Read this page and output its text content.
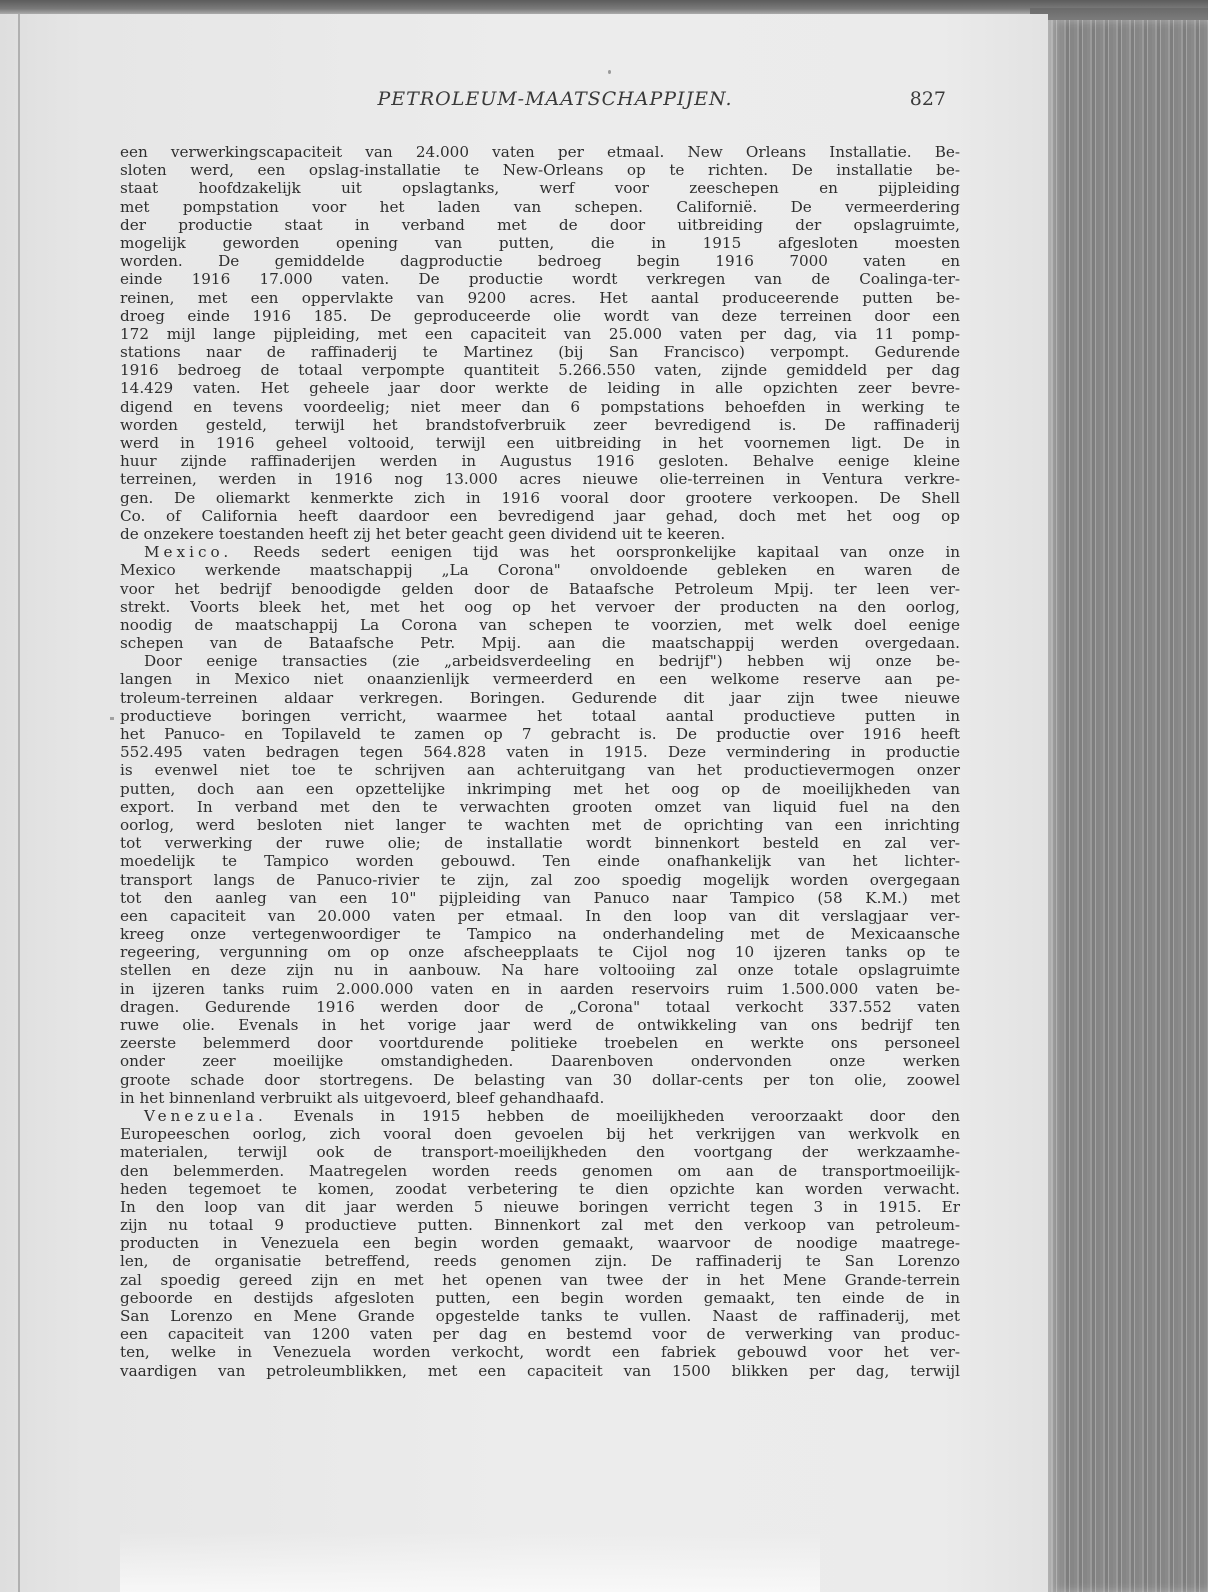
PETROLEUM-MAATSCHAPPIJEN.	827
een verwerkingscapaciteit van 24.000 vaten per etmaal. New Orleans Installatie. Be-
sloten werd, een opslag-installatie te New-Orleans op te richten. De installatie be-
staat hoofdzakelijk uit opslagtanks, werf voor zeeschepen en pijpleiding
met pompstation voor het laden van schepen. Californië. De vermeerdering
der productie staat in verband met de door uitbreiding der opslagruimte,
mogelijk geworden opening van putten, die in 1915 afgesloten moesten
worden. De gemiddelde dagproductie bedroeg begin 1916 7000 vaten en
einde 1916 17.000 vaten. De productie wordt verkregen van de Coalinga-ter-
reinen, met een oppervlakte van 9200 acres. Het aantal produceerende putten be-
droeg einde 1916 185. De geproduceerde olie wordt van deze terreinen door een
172 mijl lange pijpleiding, met een capaciteit van 25.000 vaten per dag, via 11 pomp-
stations naar de raffinaderij te Martinez (bij San Francisco) verpompt. Gedurende
1916 bedroeg de totaal verpompte quantiteit 5.266.550 vaten, zijnde gemiddeld per dag
14.429 vaten. Het geheele jaar door werkte de leiding in alle opzichten zeer bevre-
digend en tevens voordeelig; niet meer dan 6 pompstations behoefden in werking te
worden gesteld, terwijl het brandstofverbruik zeer bevredigend is. De raffinaderij
werd in 1916 geheel voltooid, terwijl een uitbreiding in het voornemen ligt. De in
huur zijnde raffinaderijen werden in Augustus 1916 gesloten. Behalve eenige kleine
terreinen, werden in 1916 nog 13.000 acres nieuwe olie-terreinen in Ventura verkre-
gen. De oliemarkt kenmerkte zich in 1916 vooral door grootere verkoopen. De Shell
Co. of California heeft daardoor een bevredigend jaar gehad, doch met het oog op
de onzekere toestanden heeft zij het beter geacht geen dividend uit te keeren.
Mexico. Reeds sedert eenigen tijd was het oorspronkelijke kapitaal van onze in
Mexico werkende maatschappij „La Corona" onvoldoende gebleken en waren de
voor het bedrijf benoodigde gelden door de Bataafsche Petroleum Mpij. ter leen ver-
strekt. Voorts bleek het, met het oog op het vervoer der producten na den oorlog,
noodig de maatschappij La Corona van schepen te voorzien, met welk doel eenige
schepen van de Bataafsche Petr. Mpij. aan die maatschappij werden overgedaan.
Door eenige transacties (zie „arbeidsverdeeling en bedrijf") hebben wij onze be-
langen in Mexico niet onaanzienlijk vermeerderd en een welkome reserve aan pe-
troleum-terreinen aldaar verkregen. Boringen. Gedurende dit jaar zijn twee nieuwe
productieve boringen verricht, waarmee het totaal aantal productieve putten in
het Panuco- en Topilaveld te zamen op 7 gebracht is. De productie over 1916 heeft
552.495 vaten bedragen tegen 564.828 vaten in 1915. Deze vermindering in productie
is evenwel niet toe te schrijven aan achteruitgang van het productievermogen onzer
putten, doch aan een opzettelijke inkrimping met het oog op de moeilijkheden van
export. In verband met den te verwachten grooten omzet van liquid fuel na den
oorlog, werd besloten niet langer te wachten met de oprichting van een inrichting
tot verwerking der ruwe olie; de installatie wordt binnenkort besteld en zal ver-
moedelijk te Tampico worden gebouwd. Ten einde onafhankelijk van het lichter-
transport langs de Panuco-rivier te zijn, zal zoo spoedig mogelijk worden overgegaan
tot den aanleg van een 10" pijpleiding van Panuco naar Tampico (58 K.M.) met
een capaciteit van 20.000 vaten per etmaal. In den loop van dit verslagjaar ver-
kreeg onze vertegenwoordiger te Tampico na onderhandeling met de Mexicaansche
regeering, vergunning om op onze afscheepplaats te Cijol nog 10 ijzeren tanks op te
stellen en deze zijn nu in aanbouw. Na hare voltooiing zal onze totale opslagruimte
in ijzeren tanks ruim 2.000.000 vaten en in aarden reservoirs ruim 1.500.000 vaten be-
dragen. Gedurende 1916 werden door de „Corona" totaal verkocht 337.552 vaten
ruwe olie. Evenals in het vorige jaar werd de ontwikkeling van ons bedrijf ten
zeerste belemmerd door voortdurende politieke troebelen en werkte ons personeel
onder zeer moeilijke omstandigheden. Daarenboven ondervonden onze werken
groote schade door stortregens. De belasting van 30 dollar-cents per ton olie, zoowel
in het binnenland verbruikt als uitgevoerd, bleef gehandhaafd.
Venezuela. Evenals in 1915 hebben de moeilijkheden veroorzaakt door den
Europeeschen oorlog, zich vooral doen gevoelen bij het verkrijgen van werkvolk en
materialen, terwijl ook de transport-moeilijkheden den voortgang der werkzaamhe-
den belemmerden. Maatregelen worden reeds genomen om aan de transportmoeilijk-
heden tegemoet te komen, zoodat verbetering te dien opzichte kan worden verwacht.
In den loop van dit jaar werden 5 nieuwe boringen verricht tegen 3 in 1915. Er
zijn nu totaal 9 productieve putten. Binnenkort zal met den verkoop van petroleum-
producten in Venezuela een begin worden gemaakt, waarvoor de noodige maatrege-
len, de organisatie betreffend, reeds genomen zijn. De raffinaderij te San Lorenzo
zal spoedig gereed zijn en met het openen van twee der in het Mene Grande-terrein
geboorde en destijds afgesloten putten, een begin worden gemaakt, ten einde de in
San Lorenzo en Mene Grande opgestelde tanks te vullen. Naast de raffinaderij, met
een capaciteit van 1200 vaten per dag en bestemd voor de verwerking van produc-
ten, welke in Venezuela worden verkocht, wordt een fabriek gebouwd voor het ver-
vaardigen van petroleumblikken, met een capaciteit van 1500 blikken per dag, terwijl
